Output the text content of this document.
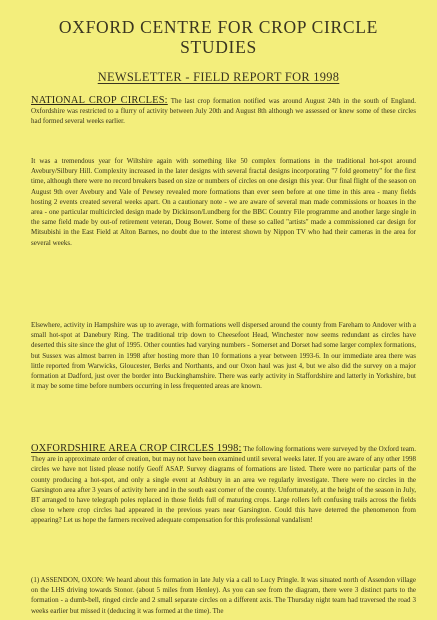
OXFORD CENTRE FOR CROP CIRCLE
STUDIES
NEWSLETTER - FIELD REPORT FOR 1998

NATIONAL CROP CIRCLES: The last crop formation notified was around August 24th in the south of England. Oxfordshire was restricted to a flurry of activity between July 20th and August 8th although we assessed or knew some of these circles had formed several weeks earlier.

It was a tremendous year for Wiltshire again with something like 50 complex formations in the traditional hot-spot around Avebury/Silbury Hill. Complexity increased in the later designs with several fractal designs incorporating "7 fold geometry" for the first time, although there were no record breakers based on size or numbers of circles on one design this year. Our final flight of the season on August 9th over Avebury and Vale of Pewsey revealed more formations than ever seen before at one time in this area - many fields hosting 2 events created several weeks apart. On a cautionary note - we are aware of several man made commissions or hoaxes in the area - one particular multicircled design made by Dickinson/Lundberg for the BBC Country File programme and another large single in the same field made by out-of retirement veteran, Doug Bower. Some of these so called "artists" made a commissioned car design for Mitsubishi in the East Field at Alton Barnes, no doubt due to the interest shown by Nippon TV who had their cameras in the area for several weeks.

Elsewhere, activity in Hampshire was up to average, with formations well dispersed around the county from Fareham to Andover with a small hot-spot at Danebury Ring. The traditional trip down to Cheesefoot Head, Winchester now seems redundant as circles have deserted this site since the glut of 1995. Other counties had varying numbers - Somerset and Dorset had some larger complex formations, but Sussex was almost barren in 1998 after hosting more than 10 formations a year between 1993-6. In our immediate area there was little reported from Warwicks, Gloucester, Berks and Northants, and our Oxon haul was just 4, but we also did the survey on a major formation at Dadford, just over the border into Buckinghamshire. There was early activity in Staffordshire and latterly in Yorkshire, but it may be some time before numbers occurring in less frequented areas are known.

OXFORDSHIRE AREA CROP CIRCLES 1998: The following formations were surveyed by the Oxford team. They are in approximate order of creation, but may not have been examined until several weeks later. If you are aware of any other 1998 circles we have not listed please notify Geoff ASAP. Survey diagrams of formations are listed. There were no particular parts of the county producing a hot-spot, and only a single event at Ashbury in an area we regularly investigate. There were no circles in the Garsington area after 3 years of activity here and in the south east corner of the county. Unfortunately, at the height of the season in July, BT arranged to have telegraph poles replaced in those fields full of maturing crops. Large rollers left confusing trails across the fields close to where crop circles had appeared in the previous years near Garsington. Could this have deterred the phenomenon from appearing? Let us hope the farmers received adequate compensation for this professional vandalism!

(1) ASSENDON, OXON: We heard about this formation in late July via a call to Lucy Pringle. It was situated north of Assendon village on the LHS driving towards Stonor. (about 5 miles from Henley). As you can see from the diagram, there were 3 distinct parts to the formation - a dumb-bell, ringed circle and 2 small separate circles on a different axis. The Thursday night team had traversed the road 3 weeks earlier but missed it (deducing it was formed at the time). The
